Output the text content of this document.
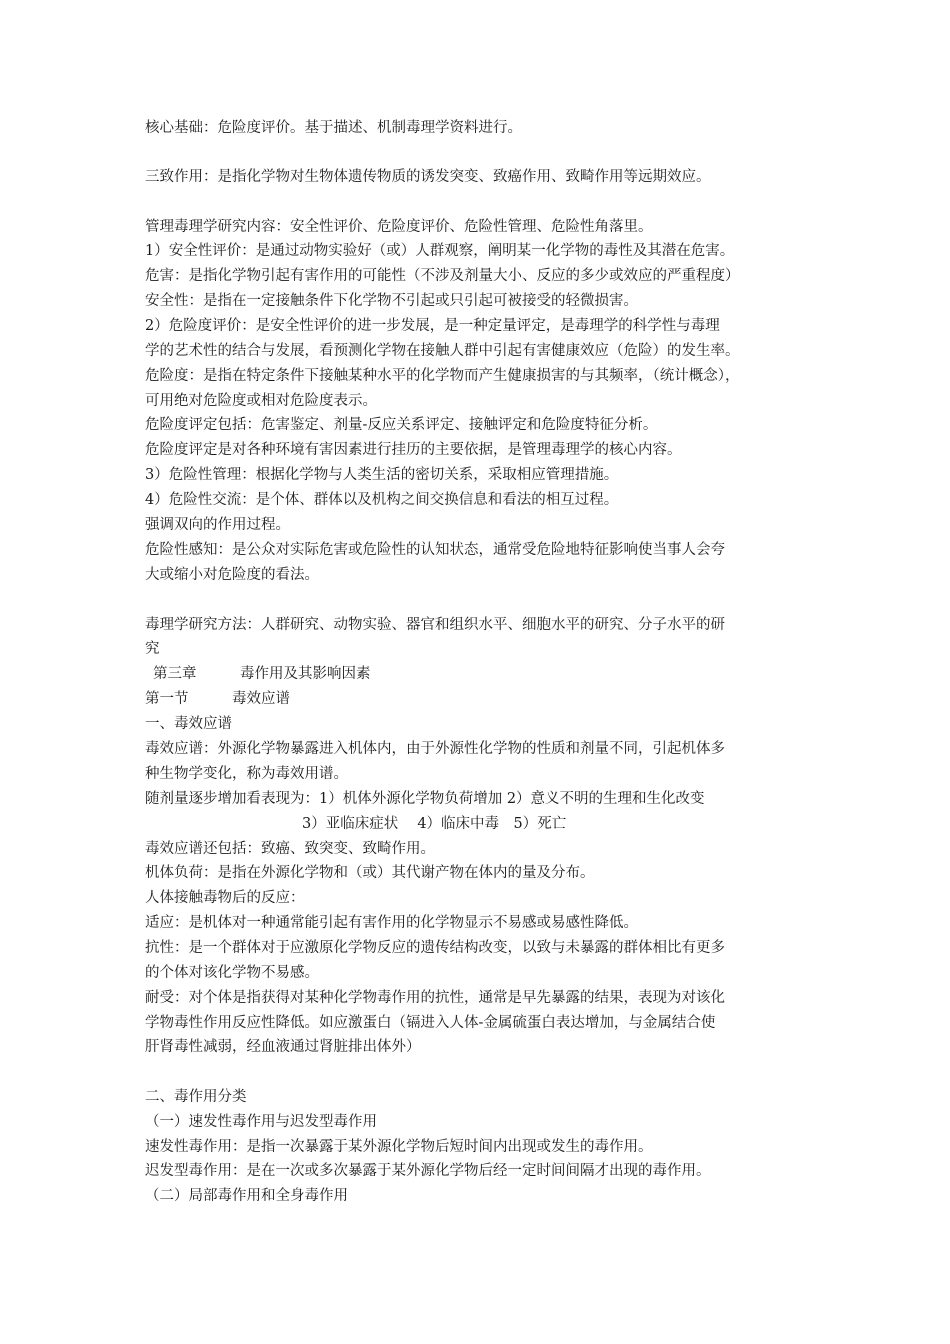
核心基础：危险度评价。基于描述、机制毒理学资料进行。
三致作用：是指化学物对生物体遗传物质的诱发突变、致癌作用、致畸作用等远期效应。
管理毒理学研究内容：安全性评价、危险度评价、危险性管理、危险性角落里。
1）安全性评价：是通过动物实验好（或）人群观察，阐明某一化学物的毒性及其潜在危害。
危害：是指化学物引起有害作用的可能性（不涉及剂量大小、反应的多少或效应的严重程度）
安全性：是指在一定接触条件下化学物不引起或只引起可被接受的轻微损害。
2）危险度评价：是安全性评价的进一步发展，是一种定量评定，是毒理学的科学性与毒理
学的艺术性的结合与发展，看预测化学物在接触人群中引起有害健康效应（危险）的发生率。
危险度：是指在特定条件下接触某种水平的化学物而产生健康损害的与其频率，（统计概念），
可用绝对危险度或相对危险度表示。
危险度评定包括：危害鉴定、剂量-反应关系评定、接触评定和危险度特征分析。
危险度评定是对各种环境有害因素进行挂历的主要依据，是管理毒理学的核心内容。
3）危险性管理：根据化学物与人类生活的密切关系，采取相应管理措施。
4）危险性交流：是个体、群体以及机构之间交换信息和看法的相互过程。
强调双向的作用过程。
危险性感知：是公众对实际危害或危险性的认知状态，通常受危险地特征影响使当事人会夸
大或缩小对危险度的看法。
毒理学研究方法：人群研究、动物实验、器官和组织水平、细胞水平的研究、分子水平的研
究
第三章　　　毒作用及其影响因素
第一节　　　毒效应谱
一、毒效应谱
毒效应谱：外源化学物暴露进入机体内，由于外源性化学物的性质和剂量不同，引起机体多
种生物学变化，称为毒效用谱。
随剂量逐步增加看表现为：1）机体外源化学物负荷增加 2）意义不明的生理和生化改变
3）亚临床症状　 4）临床中毒　5）死亡
毒效应谱还包括：致癌、致突变、致畸作用。
机体负荷：是指在外源化学物和（或）其代谢产物在体内的量及分布。
人体接触毒物后的反应：
适应：是机体对一种通常能引起有害作用的化学物显示不易感或易感性降低。
抗性：是一个群体对于应激原化学物反应的遗传结构改变，以致与未暴露的群体相比有更多
的个体对该化学物不易感。
耐受：对个体是指获得对某种化学物毒作用的抗性，通常是早先暴露的结果，表现为对该化
学物毒性作用反应性降低。如应激蛋白（镉进入人体-金属硫蛋白表达增加，与金属结合使
肝肾毒性减弱，经血液通过肾脏排出体外）
二、毒作用分类
（一）速发性毒作用与迟发型毒作用
速发性毒作用：是指一次暴露于某外源化学物后短时间内出现或发生的毒作用。
迟发型毒作用：是在一次或多次暴露于某外源化学物后经一定时间间隔才出现的毒作用。
（二）局部毒作用和全身毒作用
